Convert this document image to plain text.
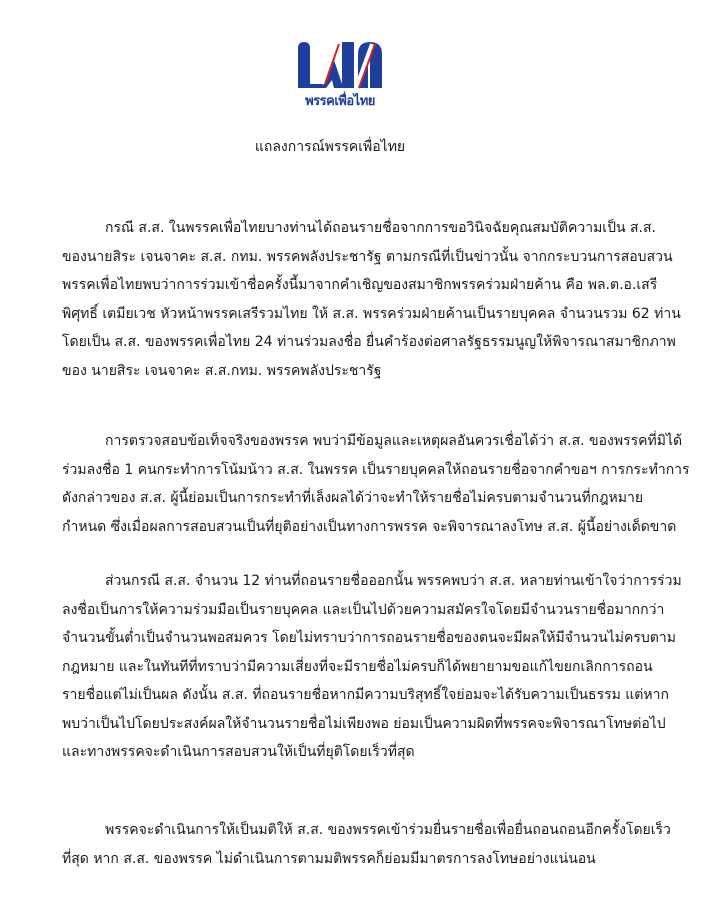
พรรคเพื่อไทย
แถลงการณ์พรรคเพื่อไทย
กรณี ส.ส. ในพรรคเพื่อไทยบางท่านได้ถอนรายชื่อจากการขอวินิจฉัยคุณสมบัติความเป็น ส.ส.
ของนายสิระ เจนจาคะ ส.ส. กทม. พรรคพลังประชารัฐ ตามกรณีที่เป็นข่าวนั้น จากกระบวนการสอบสวน
พรรคเพื่อไทยพบว่าการร่วมเข้าชื่อครั้งนี้มาจากคำเชิญของสมาชิกพรรคร่วมฝ่ายค้าน คือ พล.ต.อ.เสรี
พิศุทธิ์ เตมียเวช หัวหน้าพรรคเสรีรวมไทย ให้ ส.ส. พรรคร่วมฝ่ายค้านเป็นรายบุคคล จำนวนรวม 62 ท่าน
โดยเป็น ส.ส. ของพรรคเพื่อไทย 24 ท่านร่วมลงชื่อ ยื่นคำร้องต่อศาลรัฐธรรมนูญให้พิจารณาสมาชิกภาพ
ของ นายสิระ เจนจาคะ ส.ส.กทม. พรรคพลังประชารัฐ
การตรวจสอบข้อเท็จจริงของพรรค พบว่ามีข้อมูลและเหตุผลอันควรเชื่อได้ว่า ส.ส. ของพรรคที่มิได้
ร่วมลงชื่อ 1 คนกระทำการโน้มน้าว ส.ส. ในพรรค เป็นรายบุคคลให้ถอนรายชื่อจากคำขอฯ การกระทำการ
ดังกล่าวของ ส.ส. ผู้นี้ย่อมเป็นการกระทำที่เล็งผลได้ว่าจะทำให้รายชื่อไม่ครบตามจำนวนที่กฎหมาย
กำหนด ซึ่งเมื่อผลการสอบสวนเป็นที่ยุติอย่างเป็นทางการพรรค จะพิจารณาลงโทษ ส.ส. ผู้นี้อย่างเด็ดขาด
ส่วนกรณี ส.ส. จำนวน 12 ท่านที่ถอนรายชื่อออกนั้น พรรคพบว่า ส.ส. หลายท่านเข้าใจว่าการร่วม
ลงชื่อเป็นการให้ความร่วมมือเป็นรายบุคคล และเป็นไปด้วยความสมัครใจโดยมีจำนวนรายชื่อมากกว่า
จำนวนขั้นต่ำเป็นจำนวนพอสมควร โดยไม่ทราบว่าการถอนรายชื่อของตนจะมีผลให้มีจำนวนไม่ครบตาม
กฎหมาย และในทันทีที่ทราบว่ามีความเสี่ยงที่จะมีรายชื่อไม่ครบก็ได้พยายามขอแก้ไขยกเลิกการถอน
รายชื่อแต่ไม่เป็นผล ดังนั้น ส.ส. ที่ถอนรายชื่อหากมีความบริสุทธิ์ใจย่อมจะได้รับความเป็นธรรม แต่หาก
พบว่าเป็นไปโดยประสงค์ผลให้จำนวนรายชื่อไม่เพียงพอ ย่อมเป็นความผิดที่พรรคจะพิจารณาโทษต่อไป
และทางพรรคจะดำเนินการสอบสวนให้เป็นที่ยุติโดยเร็วที่สุด
พรรคจะดำเนินการให้เป็นมติให้ ส.ส. ของพรรคเข้าร่วมยื่นรายชื่อเพื่อยื่นถอนถอนอีกครั้งโดยเร็ว
ที่สุด หาก ส.ส. ของพรรค ไม่ดำเนินการตามมติพรรคก็ย่อมมีมาตรการลงโทษอย่างแน่นอน
